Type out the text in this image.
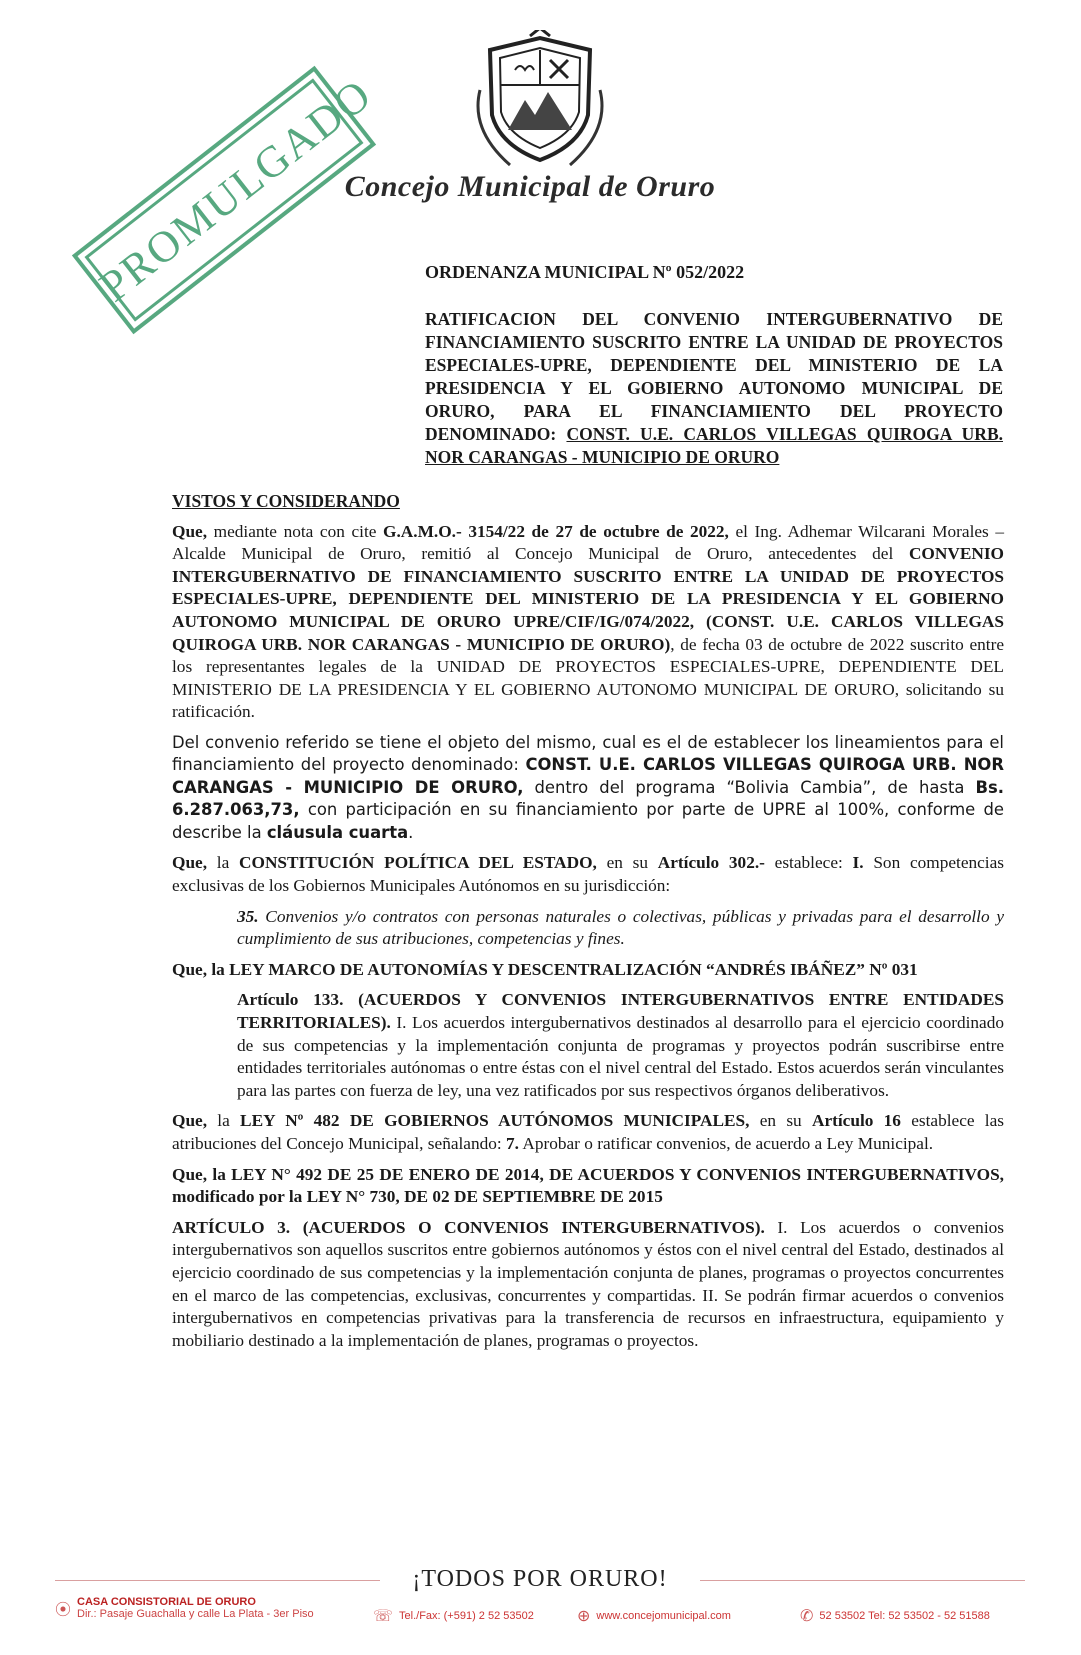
Concejo Municipal de Oruro
PROMULGADO ORDENANZA MUNICIPAL Nº 052/2022
RATIFICACION DEL CONVENIO INTERGUBERNATIVO DE FINANCIAMIENTO SUSCRITO ENTRE LA UNIDAD DE PROYECTOS ESPECIALES-UPRE, DEPENDIENTE DEL MINISTERIO DE LA PRESIDENCIA Y EL GOBIERNO AUTONOMO MUNICIPAL DE ORURO, PARA EL FINANCIAMIENTO DEL PROYECTO DENOMINADO: CONST. U.E. CARLOS VILLEGAS QUIROGA URB. NOR CARANGAS - MUNICIPIO DE ORURO

VISTOS Y CONSIDERANDO

Que, mediante nota con cite G.A.M.O.- 3154/22 de 27 de octubre de 2022, el Ing. Adhemar Wilcarani Morales – Alcalde Municipal de Oruro, remitió al Concejo Municipal de Oruro, antecedentes del CONVENIO INTERGUBERNATIVO DE FINANCIAMIENTO SUSCRITO ENTRE LA UNIDAD DE PROYECTOS ESPECIALES-UPRE, DEPENDIENTE DEL MINISTERIO DE LA PRESIDENCIA Y EL GOBIERNO AUTONOMO MUNICIPAL DE ORURO UPRE/CIF/IG/074/2022, (CONST. U.E. CARLOS VILLEGAS QUIROGA URB. NOR CARANGAS - MUNICIPIO DE ORURO), de fecha 03 de octubre de 2022 suscrito entre los representantes legales de la UNIDAD DE PROYECTOS ESPECIALES-UPRE, DEPENDIENTE DEL MINISTERIO DE LA PRESIDENCIA Y EL GOBIERNO AUTONOMO MUNICIPAL DE ORURO, solicitando su ratificación.

Del convenio referido se tiene el objeto del mismo, cual es el de establecer los lineamientos para el financiamiento del proyecto denominado: CONST. U.E. CARLOS VILLEGAS QUIROGA URB. NOR CARANGAS - MUNICIPIO DE ORURO, dentro del programa “Bolivia Cambia”, de hasta Bs. 6.287.063,73, con participación en su financiamiento por parte de UPRE al 100%, conforme de describe la cláusula cuarta.

Que, la CONSTITUCIÓN POLÍTICA DEL ESTADO, en su Artículo 302.- establece: I. Son competencias exclusivas de los Gobiernos Municipales Autónomos en su jurisdicción:

35. Convenios y/o contratos con personas naturales o colectivas, públicas y privadas para el desarrollo y cumplimiento de sus atribuciones, competencias y fines.

Que, la LEY MARCO DE AUTONOMÍAS Y DESCENTRALIZACIÓN “ANDRÉS IBÁÑEZ” Nº 031

Artículo 133. (ACUERDOS Y CONVENIOS INTERGUBERNATIVOS ENTRE ENTIDADES TERRITORIALES). I. Los acuerdos intergubernativos destinados al desarrollo para el ejercicio coordinado de sus competencias y la implementación conjunta de programas y proyectos podrán suscribirse entre entidades territoriales autónomas o entre éstas con el nivel central del Estado. Estos acuerdos serán vinculantes para las partes con fuerza de ley, una vez ratificados por sus respectivos órganos deliberativos.

Que, la LEY Nº 482 DE GOBIERNOS AUTÓNOMOS MUNICIPALES, en su Artículo 16 establece las atribuciones del Concejo Municipal, señalando: 7. Aprobar o ratificar convenios, de acuerdo a Ley Municipal.

Que, la LEY N° 492 DE 25 DE ENERO DE 2014, DE ACUERDOS Y CONVENIOS INTERGUBERNATIVOS, modificado por la LEY N° 730, DE 02 DE SEPTIEMBRE DE 2015

ARTÍCULO 3. (ACUERDOS O CONVENIOS INTERGUBERNATIVOS). I. Los acuerdos o convenios intergubernativos son aquellos suscritos entre gobiernos autónomos y éstos con el nivel central del Estado, destinados al ejercicio coordinado de sus competencias y la implementación conjunta de planes, programas o proyectos concurrentes en el marco de las competencias, exclusivas, concurrentes y compartidas. II. Se podrán firmar acuerdos o convenios intergubernativos en competencias privativas para la transferencia de recursos en infraestructura, equipamiento y mobiliario destinado a la implementación de planes, programas o proyectos.

¡TODOS POR ORURO!
⦿ CASA CONSISTORIAL DE ORURO
Dir.: Pasaje Guachalla y calle La Plata - 3er Piso	☏ Tel./Fax: (+591) 2 52 53502	⊕ www.concejomunicipal.com	✆ 52 53502 Tel: 52 53502 - 52 51588
